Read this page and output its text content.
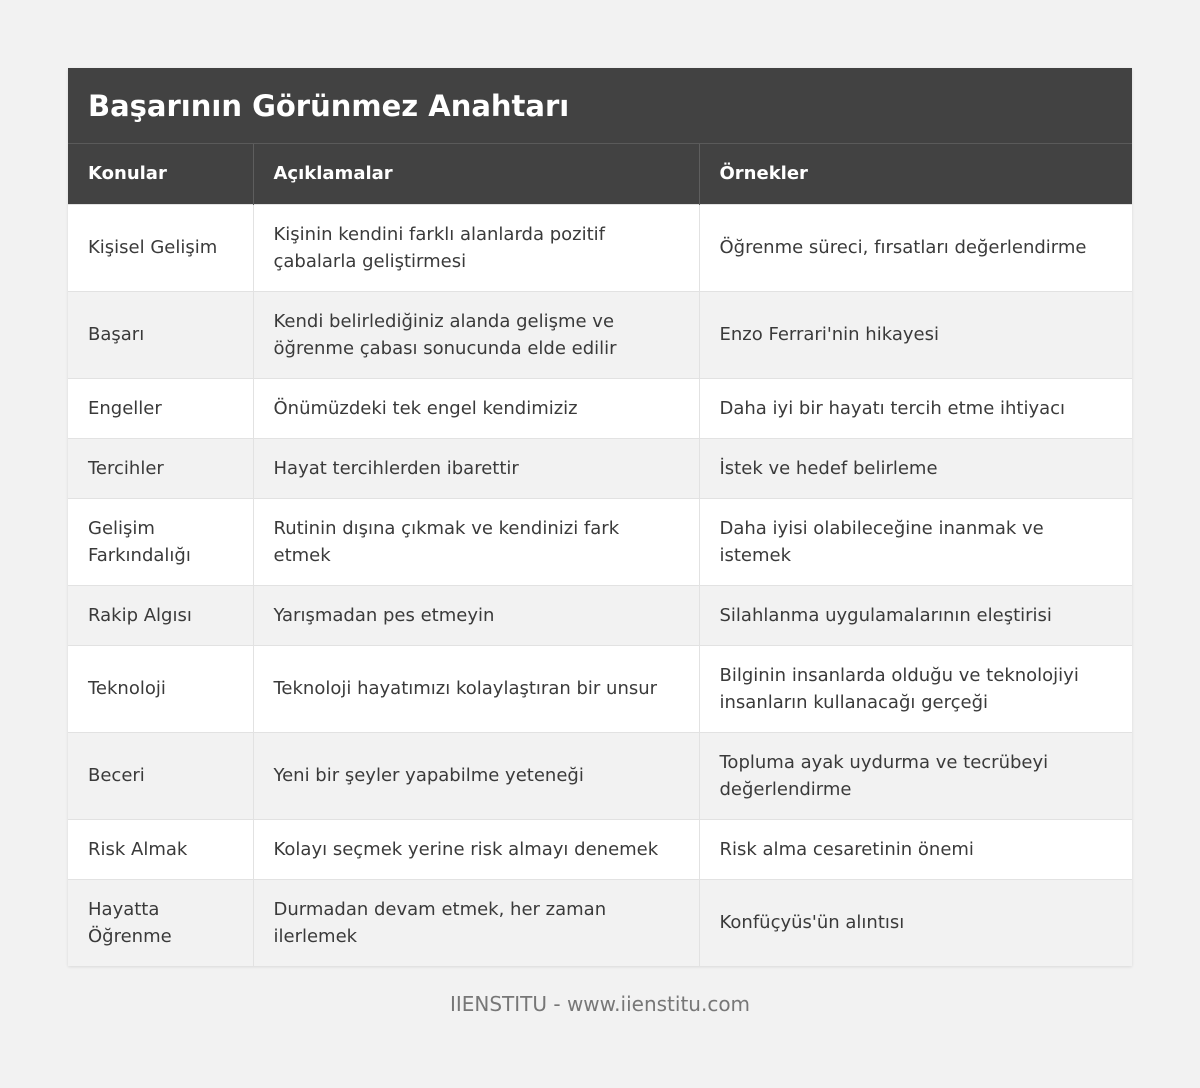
Başarının Görünmez Anahtarı
Konular	Açıklamalar	Örnekler
Kişisel Gelişim	Kişinin kendini farklı alanlarda pozitif çabalarla geliştirmesi	Öğrenme süreci, fırsatları değerlendirme
Başarı	Kendi belirlediğiniz alanda gelişme ve öğrenme çabası sonucunda elde edilir	Enzo Ferrari'nin hikayesi
Engeller	Önümüzdeki tek engel kendimiziz	Daha iyi bir hayatı tercih etme ihtiyacı
Tercihler	Hayat tercihlerden ibarettir	İstek ve hedef belirleme
Gelişim Farkındalığı	Rutinin dışına çıkmak ve kendinizi fark etmek	Daha iyisi olabileceğine inanmak ve istemek
Rakip Algısı	Yarışmadan pes etmeyin	Silahlanma uygulamalarının eleştirisi
Teknoloji	Teknoloji hayatımızı kolaylaştıran bir unsur	Bilginin insanlarda olduğu ve teknolojiyi insanların kullanacağı gerçeği
Beceri	Yeni bir şeyler yapabilme yeteneği	Topluma ayak uydurma ve tecrübeyi değerlendirme
Risk Almak	Kolayı seçmek yerine risk almayı denemek	Risk alma cesaretinin önemi
Hayatta Öğrenme	Durmadan devam etmek, her zaman ilerlemek	Konfüçyüs'ün alıntısı
IIENSTITU - www.iienstitu.com
